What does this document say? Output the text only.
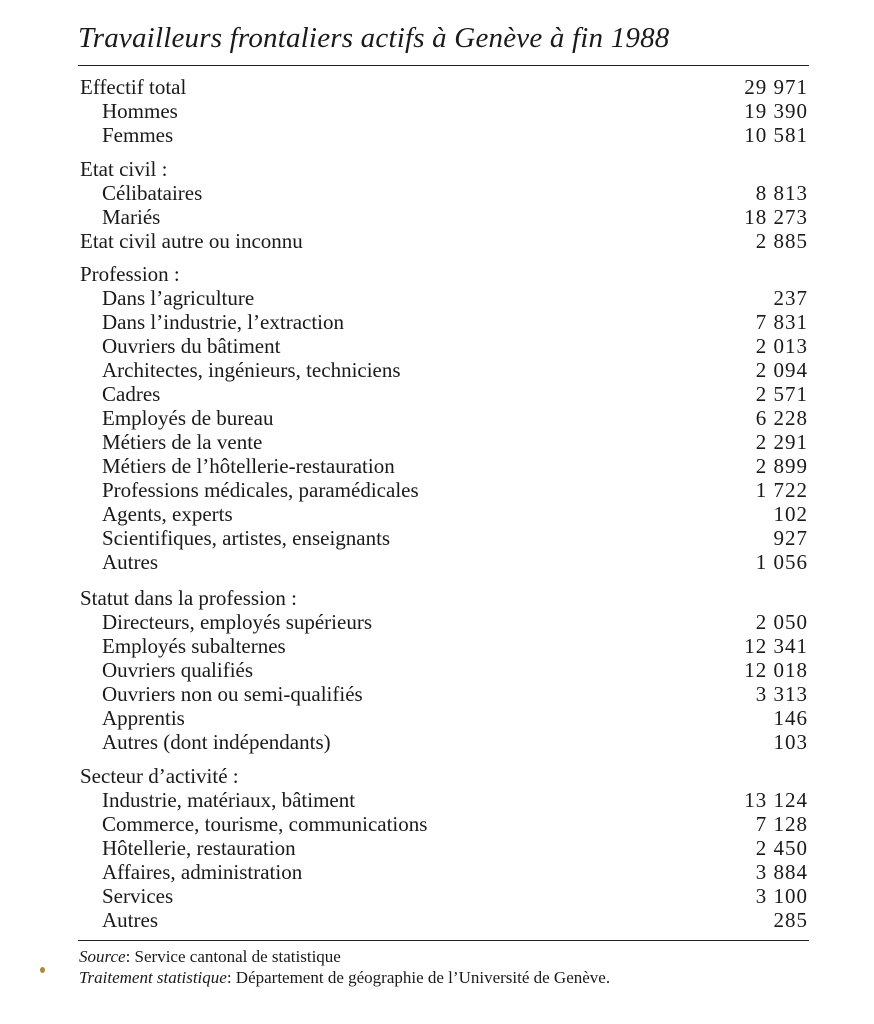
Travailleurs frontaliers actifs à Genève à fin 1988
Effectif total	29 971
Hommes	19 390
Femmes	10 581
Etat civil :
Célibataires	8 813
Mariés	18 273
Etat civil autre ou inconnu	2 885
Profession :
Dans l’agriculture	237
Dans l’industrie, l’extraction	7 831
Ouvriers du bâtiment	2 013
Architectes, ingénieurs, techniciens	2 094
Cadres	2 571
Employés de bureau	6 228
Métiers de la vente	2 291
Métiers de l’hôtellerie-restauration	2 899
Professions médicales, paramédicales	1 722
Agents, experts	102
Scientifiques, artistes, enseignants	927
Autres	1 056
Statut dans la profession :
Directeurs, employés supérieurs	2 050
Employés subalternes	12 341
Ouvriers qualifiés	12 018
Ouvriers non ou semi-qualifiés	3 313
Apprentis	146
Autres (dont indépendants)	103
Secteur d’activité :
Industrie, matériaux, bâtiment	13 124
Commerce, tourisme, communications	7 128
Hôtellerie, restauration	2 450
Affaires, administration	3 884
Services	3 100
Autres	285
Source: Service cantonal de statistique
Traitement statistique: Département de géographie de l’Université de Genève.
